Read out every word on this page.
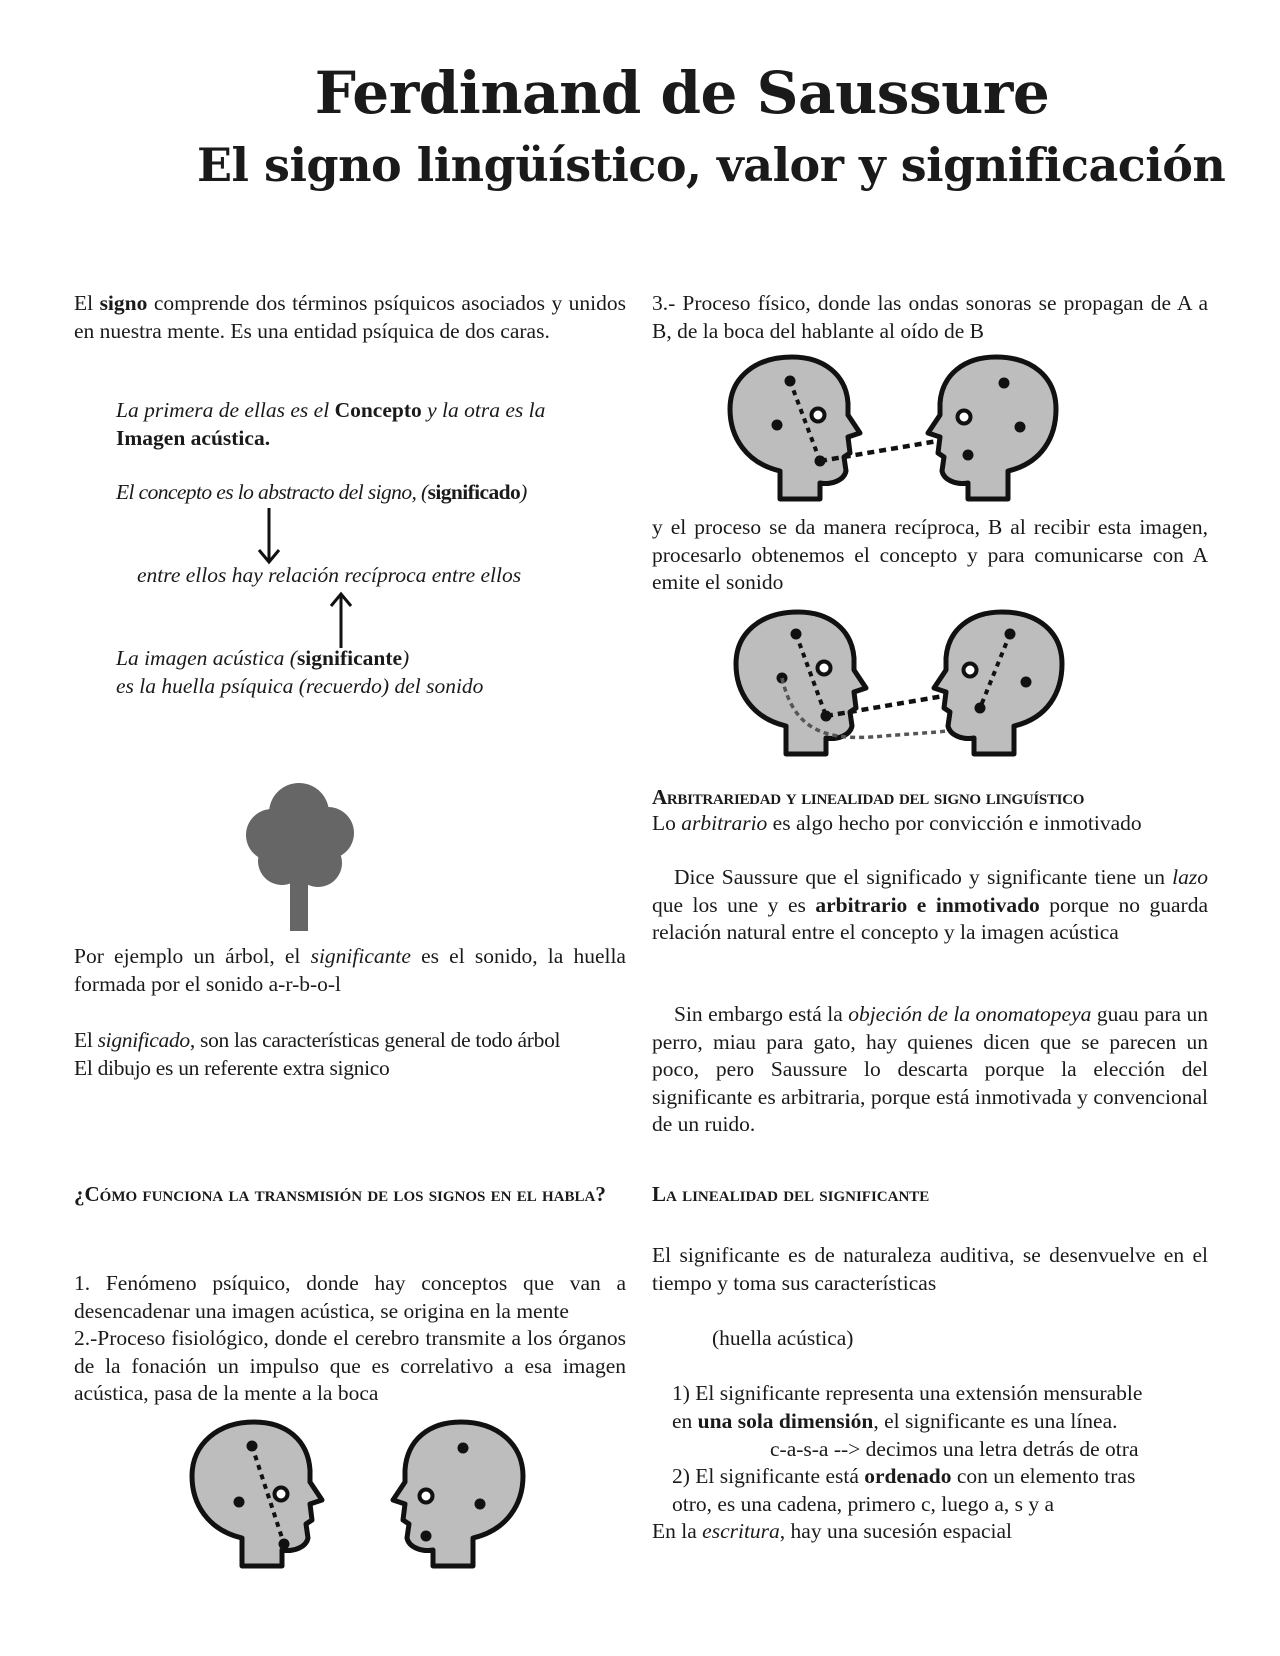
Ferdinand de Saussure
El signo lingüístico, valor y significación

El signo comprende dos términos psíquicos asociados y unidos en nuestra mente. Es una entidad psíquica de dos caras.

La primera de ellas es el Concepto y la otra es la
Imagen acústica.

El concepto es lo abstracto del signo, (significado)

entre ellos hay relación recíproca entre ellos

La imagen acústica (significante)
es la huella psíquica (recuerdo) del sonido

Por ejemplo un árbol, el significante es el sonido, la huella formada por el sonido a-r-b-o-l

El significado, son las características general de todo árbol
El dibujo es un referente extra signico

¿Cómo funciona la transmisión de los signos en el habla?

1. Fenómeno psíquico, donde hay conceptos que van a desencadenar una imagen acústica, se origina en la mente

2.-Proceso fisiológico, donde el cerebro transmite a los órganos de la fonación un impulso que es correlativo a esa imagen acústica, pasa de la mente a la boca

3.- Proceso físico, donde las ondas sonoras se propagan de A a B, de la boca del hablante al oído de B

y el proceso se da manera recíproca, B al recibir esta imagen, procesarlo obtenemos el concepto y para comunicarse con A emite el sonido

Arbitrariedad y linealidad del signo linguístico

Lo arbitrario es algo hecho por convicción e inmotivado

Dice Saussure que el significado y significante tiene un lazo que los une y es arbitrario e inmotivado porque no guarda relación natural entre el concepto y la imagen acústica

Sin embargo está la objeción de la onomatopeya guau para un perro, miau para gato, hay quienes dicen que se parecen un poco, pero Saussure lo descarta porque la elección del significante es arbitraria, porque está inmotivada y convencional de un ruido.

La linealidad del significante

El significante es de naturaleza auditiva, se desenvuelve en el tiempo y toma sus características

(huella acústica)

1) El significante representa una extensión mensurable
en una sola dimensión, el significante es una línea.

c-a-s-a --> decimos una letra detrás de otra

2) El significante está ordenado con un elemento tras
otro, es una cadena, primero c, luego a, s y a

En la escritura, hay una sucesión espacial
